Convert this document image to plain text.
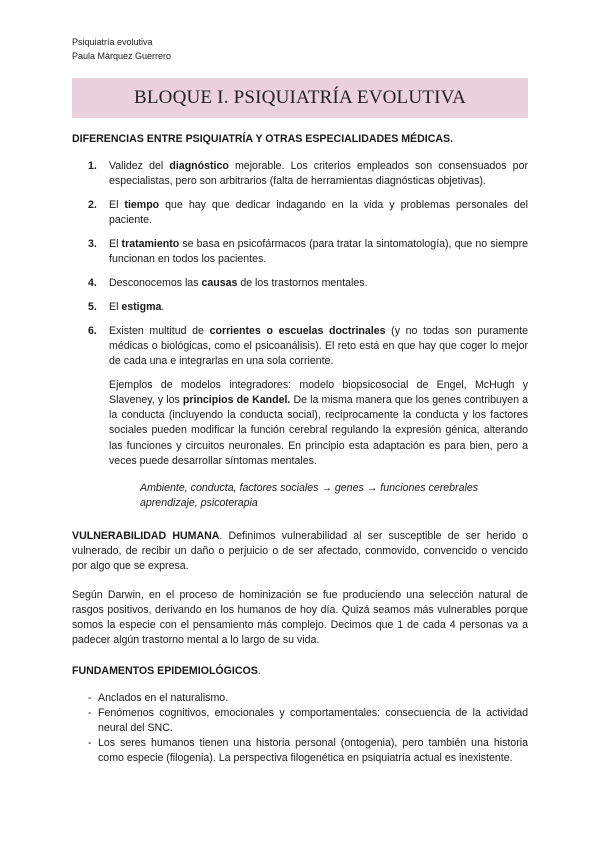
Psiquiatría evolutiva
Paula Márquez Guerrero
BLOQUE I. PSIQUIATRÍA EVOLUTIVA
DIFERENCIAS ENTRE PSIQUIATRÍA Y OTRAS ESPECIALIDADES MÉDICAS.
1. Validez del diagnóstico mejorable. Los criterios empleados son consensuados por especialistas, pero son arbitrarios (falta de herramientas diagnósticas objetivas).
2. El tiempo que hay que dedicar indagando en la vida y problemas personales del paciente.
3. El tratamiento se basa en psicofármacos (para tratar la sintomatología), que no siempre funcionan en todos los pacientes.
4. Desconocemos las causas de los trastornos mentales.
5. El estigma.
6. Existen multitud de corrientes o escuelas doctrinales (y no todas son puramente médicas o biológicas, como el psicoanálisis). El reto está en que hay que coger lo mejor de cada una e integrarlas en una sola corriente.

Ejemplos de modelos integradores: modelo biopsicosocial de Engel, McHugh y Slaveney, y los principios de Kandel. De la misma manera que los genes contribuyen a la conducta (incluyendo la conducta social), recíprocamente la conducta y los factores sociales pueden modificar la función cerebral regulando la expresión génica, alterando las funciones y circuitos neuronales. En principio esta adaptación es para bien, pero a veces puede desarrollar síntomas mentales.

Ambiente, conducta, factores sociales → genes → funciones cerebrales
aprendizaje, psicoterapia
VULNERABILIDAD HUMANA. Definimos vulnerabilidad al ser susceptible de ser herido o vulnerado, de recibir un daño o perjuicio o de ser afectado, conmovido, convencido o vencido por algo que se expresa.
Según Darwin, en el proceso de hominización se fue produciendo una selección natural de rasgos positivos, derivando en los humanos de hoy día. Quizá seamos más vulnerables porque somos la especie con el pensamiento más complejo. Decimos que 1 de cada 4 personas va a padecer algún trastorno mental a lo largo de su vida.
FUNDAMENTOS EPIDEMIOLÓGICOS.
- Anclados en el naturalismo.
- Fenómenos cognitivos, emocionales y comportamentales: consecuencia de la actividad neural del SNC.
- Los seres humanos tienen una historia personal (ontogenia), pero también una historia como especie (filogenia). La perspectiva filogenética en psiquiatría actual es inexistente.
